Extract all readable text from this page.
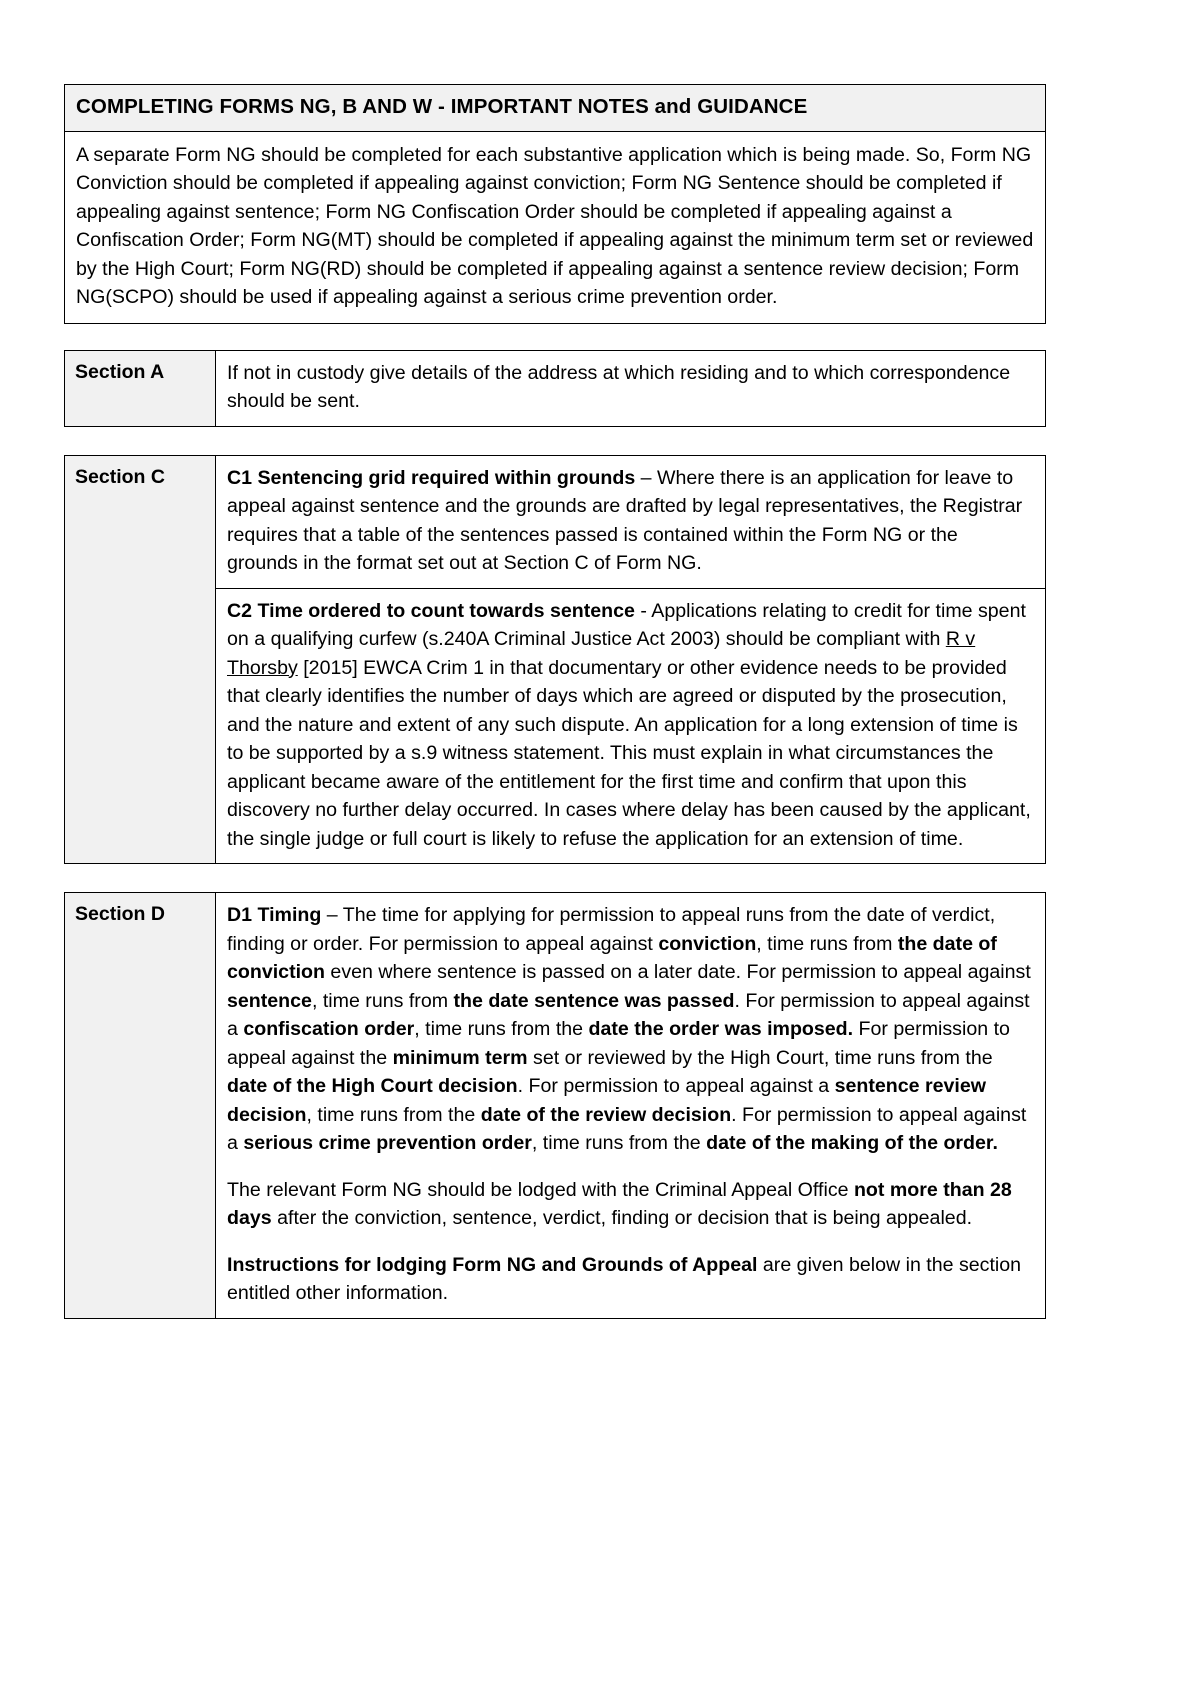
COMPLETING FORMS NG, B AND W - IMPORTANT NOTES and GUIDANCE

A separate Form NG should be completed for each substantive application which is being made. So, Form NG Conviction should be completed if appealing against conviction; Form NG Sentence should be completed if appealing against sentence; Form NG Confiscation Order should be completed if appealing against a Confiscation Order; Form NG(MT) should be completed if appealing against the minimum term set or reviewed by the High Court; Form NG(RD) should be completed if appealing against a sentence review decision; Form NG(SCPO) should be used if appealing against a serious crime prevention order.

Section A	If not in custody give details of the address at which residing and to which correspondence should be sent.

Section C	C1 Sentencing grid required within grounds – Where there is an application for leave to appeal against sentence and the grounds are drafted by legal representatives, the Registrar requires that a table of the sentences passed is contained within the Form NG or the grounds in the format set out at Section C of Form NG.

C2 Time ordered to count towards sentence - Applications relating to credit for time spent on a qualifying curfew (s.240A Criminal Justice Act 2003) should be compliant with R v Thorsby [2015] EWCA Crim 1 in that documentary or other evidence needs to be provided that clearly identifies the number of days which are agreed or disputed by the prosecution, and the nature and extent of any such dispute. An application for a long extension of time is to be supported by a s.9 witness statement. This must explain in what circumstances the applicant became aware of the entitlement for the first time and confirm that upon this discovery no further delay occurred. In cases where delay has been caused by the applicant, the single judge or full court is likely to refuse the application for an extension of time.

Section D	D1 Timing – The time for applying for permission to appeal runs from the date of verdict, finding or order. For permission to appeal against conviction, time runs from the date of conviction even where sentence is passed on a later date. For permission to appeal against sentence, time runs from the date sentence was passed. For permission to appeal against a confiscation order, time runs from the date the order was imposed. For permission to appeal against the minimum term set or reviewed by the High Court, time runs from the date of the High Court decision. For permission to appeal against a sentence review decision, time runs from the date of the review decision. For permission to appeal against a serious crime prevention order, time runs from the date of the making of the order.

The relevant Form NG should be lodged with the Criminal Appeal Office not more than 28 days after the conviction, sentence, verdict, finding or decision that is being appealed.

Instructions for lodging Form NG and Grounds of Appeal are given below in the section entitled other information.
